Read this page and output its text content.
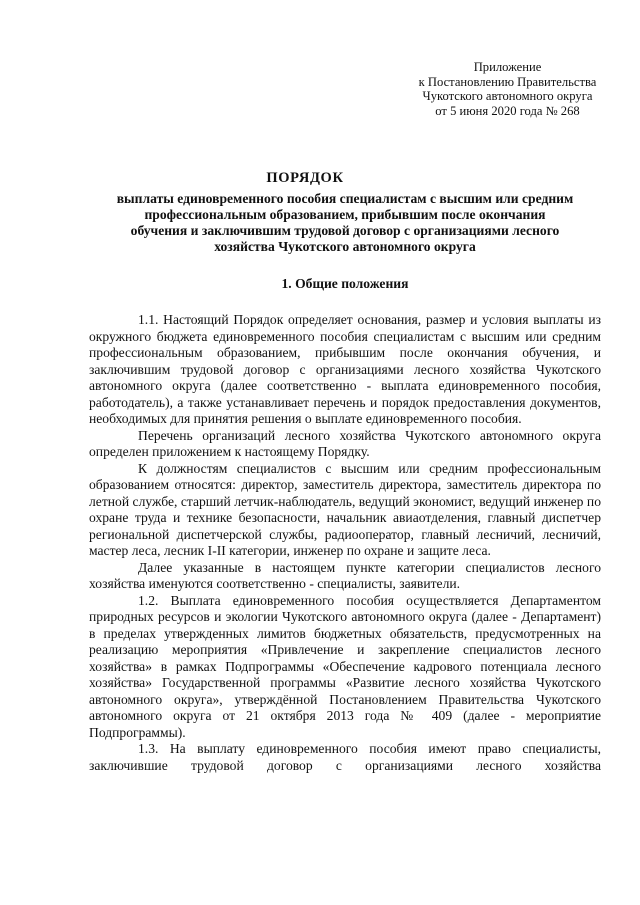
Приложение
к Постановлению Правительства
Чукотского автономного округа
от 5 июня 2020 года № 268
ПОРЯДОК
выплаты единовременного пособия специалистам с высшим или средним
профессиональным образованием, прибывшим после окончания
обучения и заключившим трудовой договор с организациями лесного
хозяйства Чукотского автономного округа
1. Общие положения

1.1. Настоящий Порядок определяет основания, размер и условия выплаты из окружного бюджета единовременного пособия специалистам с высшим или средним профессиональным образованием, прибывшим после окончания обучения, и заключившим трудовой договор с организациями лесного хозяйства Чукотского автономного округа (далее соответственно - выплата единовременного пособия, работодатель), а также устанавливает перечень и порядок предоставления документов, необходимых для принятия решения о выплате единовременного пособия.

Перечень организаций лесного хозяйства Чукотского автономного округа определен приложением к настоящему Порядку.

К должностям специалистов с высшим или средним профессиональным образованием относятся: директор, заместитель директора, заместитель директора по летной службе, старший летчик-наблюдатель, ведущий экономист, ведущий инженер по охране труда и технике безопасности, начальник авиаотделения, главный диспетчер региональной диспетчерской службы, радиооператор, главный лесничий, лесничий, мастер леса, лесник I-II категории, инженер по охране и защите леса.

Далее указанные в настоящем пункте категории специалистов лесного хозяйства именуются соответственно - специалисты, заявители.

1.2. Выплата единовременного пособия осуществляется Департаментом природных ресурсов и экологии Чукотского автономного округа (далее - Департамент) в пределах утвержденных лимитов бюджетных обязательств, предусмотренных на реализацию мероприятия «Привлечение и закрепление специалистов лесного хозяйства» в рамках Подпрограммы «Обеспечение кадрового потенциала лесного хозяйства» Государственной программы «Развитие лесного хозяйства Чукотского автономного округа», утверждённой Постановлением Правительства Чукотского автономного округа от 21 октября 2013 года № 409 (далее - мероприятие Подпрограммы).

1.3. На выплату единовременного пособия имеют право специалисты, заключившие трудовой договор с организациями лесного хозяйства
